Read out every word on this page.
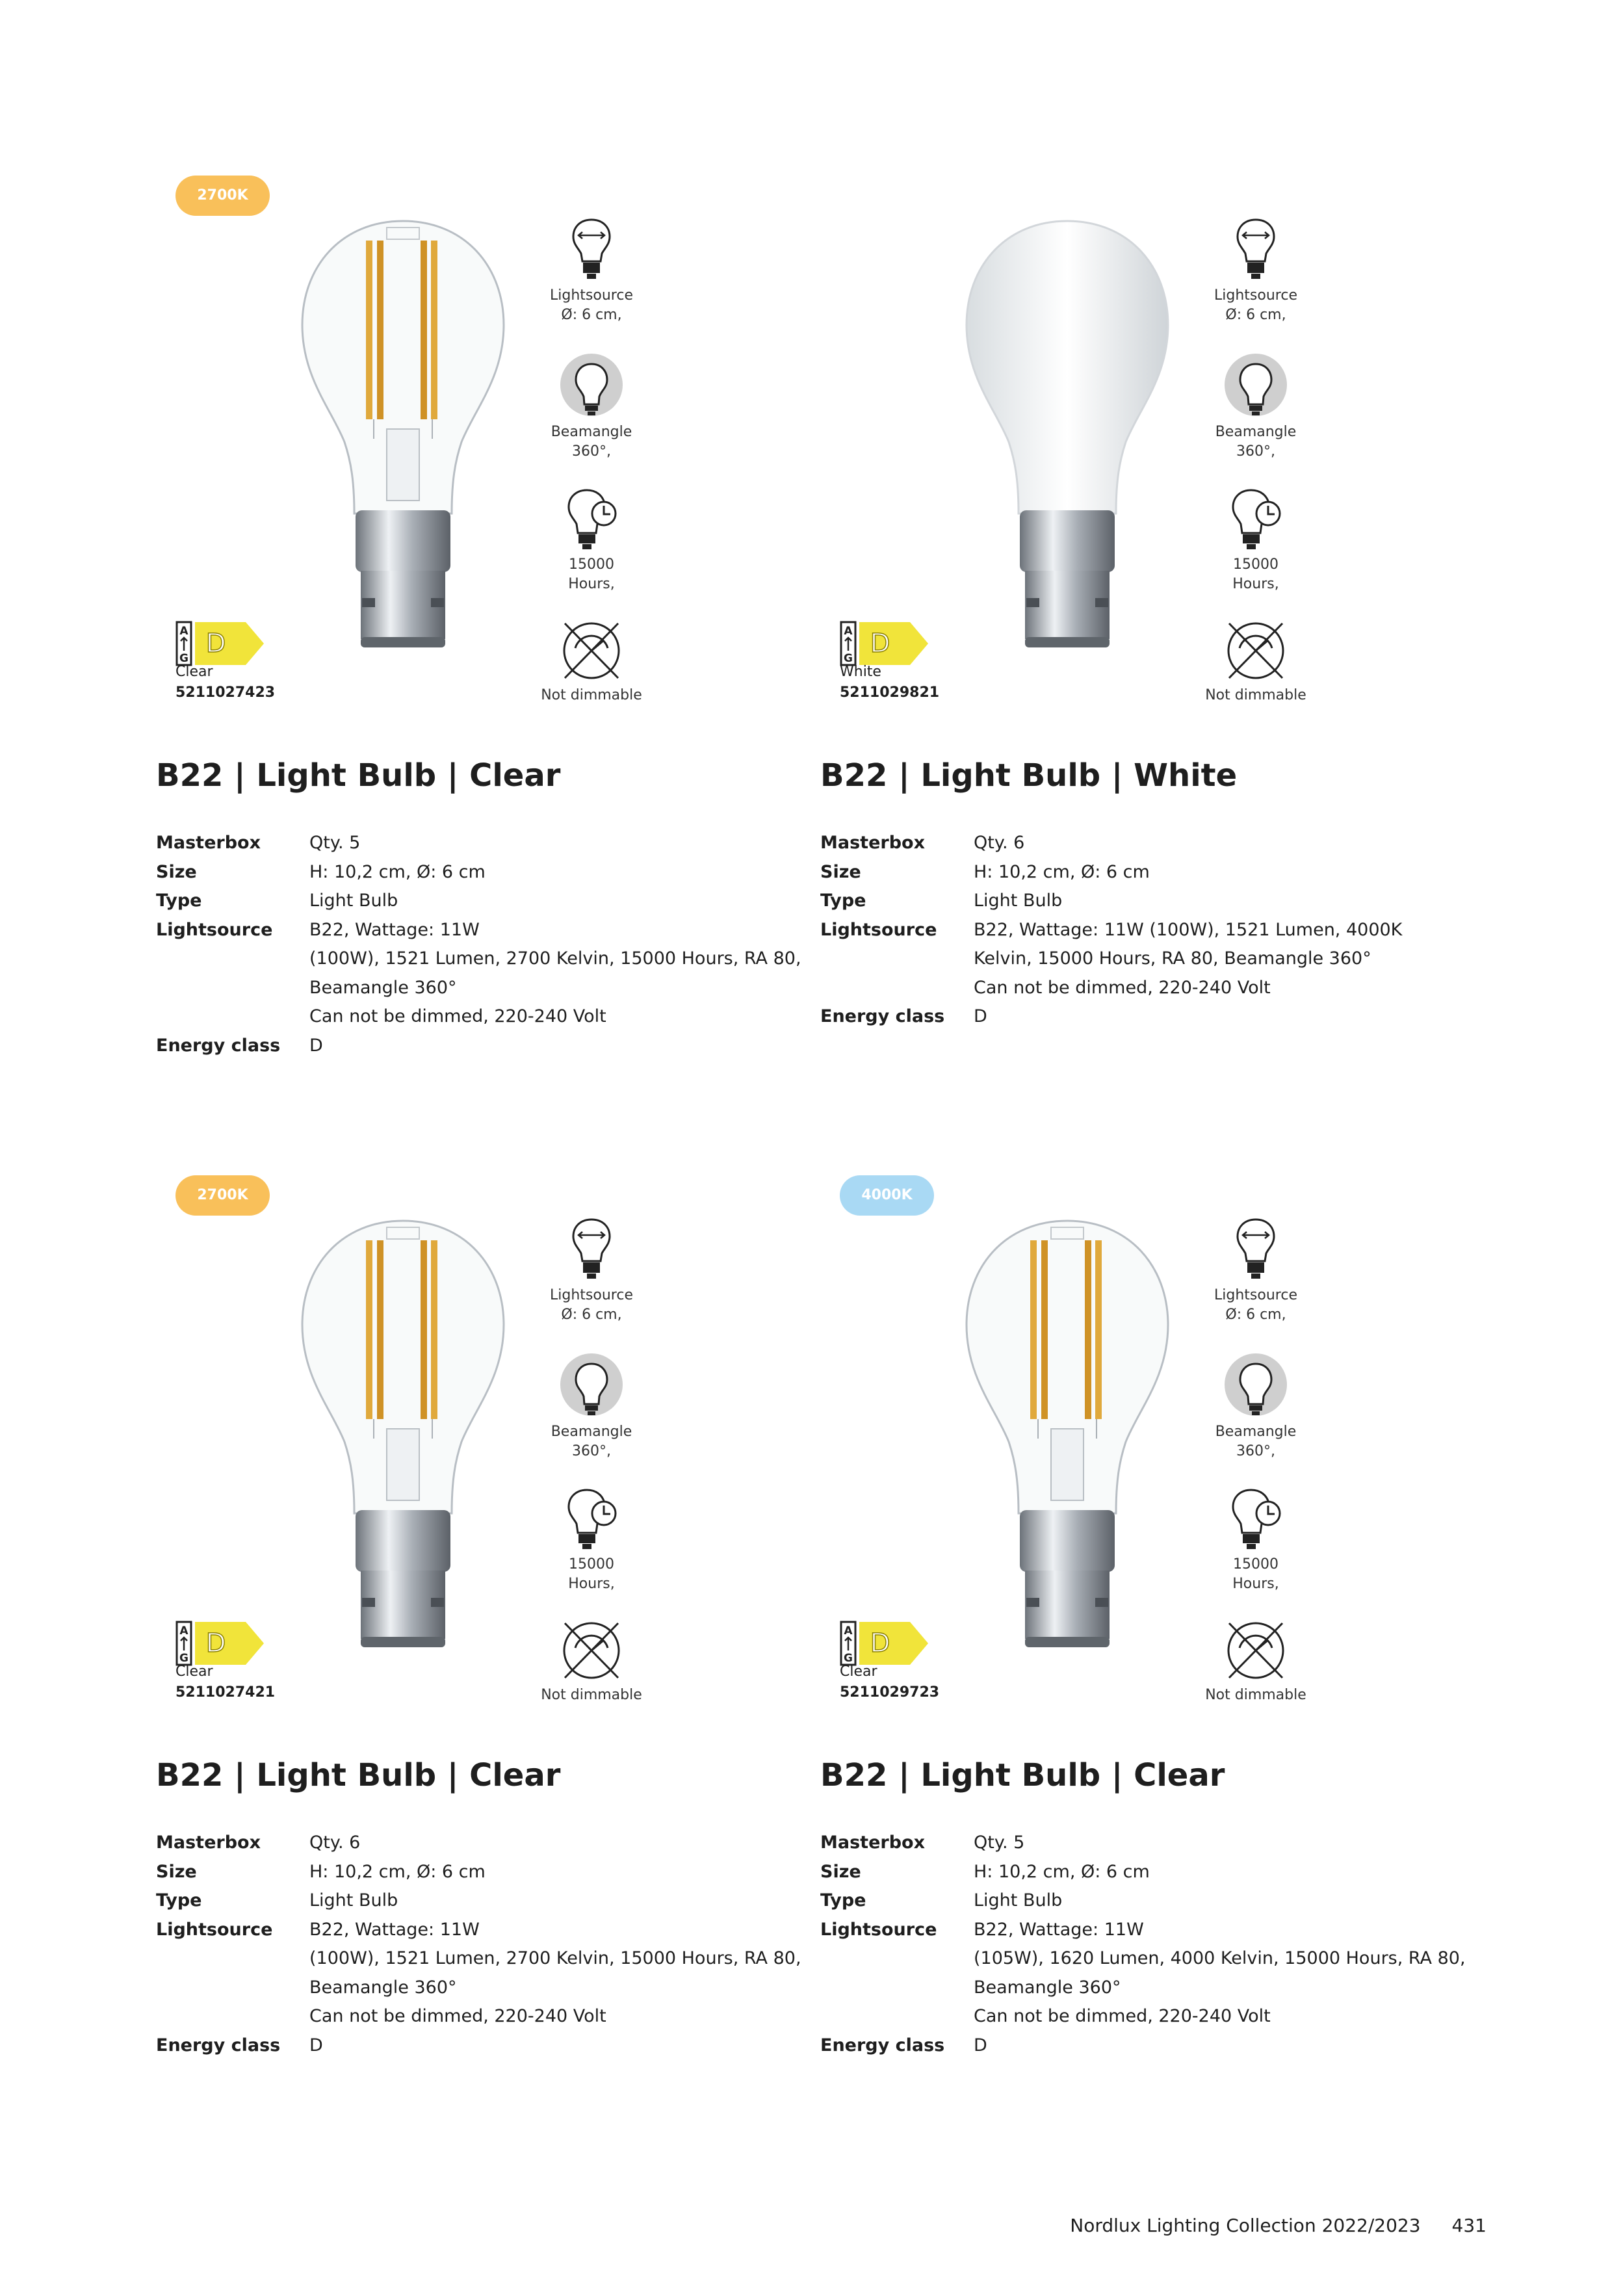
2700K
Lightsource
Ø: 6 cm,
Beamangle
360°,
15000
Hours,
Not dimmable
A
G D
Clear
5211027423
B22 | Light Bulb | Clear
Masterbox	Qty. 5
Size	H: 10,2 cm, Ø: 6 cm
Type	Light Bulb
Lightsource	B22, Wattage: 11W
(100W), 1521 Lumen, 2700 Kelvin, 15000 Hours, RA 80,
Beamangle 360°
Can not be dimmed, 220-240 Volt
Energy class	D
Lightsource
Ø: 6 cm,
Beamangle
360°,
15000
Hours,
Not dimmable
A
G D
White
5211029821
B22 | Light Bulb | White
Masterbox	Qty. 6
Size	H: 10,2 cm, Ø: 6 cm
Type	Light Bulb
Lightsource	B22, Wattage: 11W (100W), 1521 Lumen, 4000K
Kelvin, 15000 Hours, RA 80, Beamangle 360°
Can not be dimmed, 220-240 Volt
Energy class	D
2700K
Lightsource
Ø: 6 cm,
Beamangle
360°,
15000
Hours,
Not dimmable
A
G D
Clear
5211027421
B22 | Light Bulb | Clear
Masterbox	Qty. 6
Size	H: 10,2 cm, Ø: 6 cm
Type	Light Bulb
Lightsource	B22, Wattage: 11W
(100W), 1521 Lumen, 2700 Kelvin, 15000 Hours, RA 80,
Beamangle 360°
Can not be dimmed, 220-240 Volt
Energy class	D
4000K
Lightsource
Ø: 6 cm,
Beamangle
360°,
15000
Hours,
Not dimmable
A
G D
Clear
5211029723
B22 | Light Bulb | Clear
Masterbox	Qty. 5
Size	H: 10,2 cm, Ø: 6 cm
Type	Light Bulb
Lightsource	B22, Wattage: 11W
(105W), 1620 Lumen, 4000 Kelvin, 15000 Hours, RA 80,
Beamangle 360°
Can not be dimmed, 220-240 Volt
Energy class	D
Nordlux Lighting Collection 2022/2023 431
